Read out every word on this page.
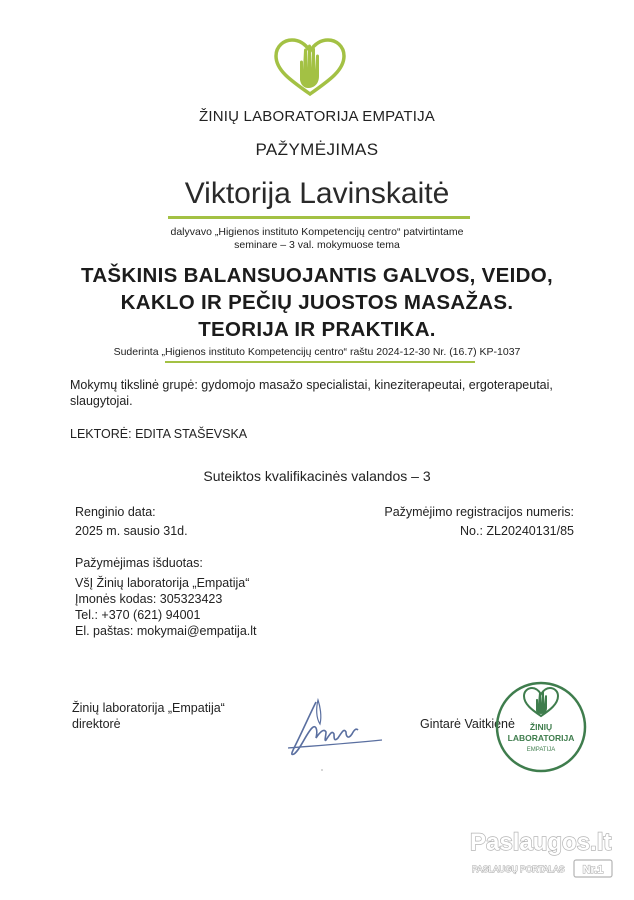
ŽINIŲ LABORATORIJA EMPATIJA
PAŽYMĖJIMAS
Viktorija Lavinskaitė
dalyvavo „Higienos instituto Kompetencijų centro“ patvirtintame
seminare – 3 val. mokymuose tema
TAŠKINIS BALANSUOJANTIS GALVOS, VEIDO,
KAKLO IR PEČIŲ JUOSTOS MASAŽAS.
TEORIJA IR PRAKTIKA.
Suderinta „Higienos instituto Kompetencijų centro“ raštu 2024-12-30 Nr. (16.7) KP-1037
Mokymų tikslinė grupė: gydomojo masažo specialistai, kineziterapeutai, ergoterapeutai,
slaugytojai.
LEKTORĖ: EDITA STAŠEVSKA
Suteiktos kvalifikacinės valandos – 3
Renginio data:
2025 m. sausio 31d.
Pažymėjimo registracijos numeris:
No.: ZL20240131/85
Pažymėjimas išduotas:
VšĮ Žinių laboratorija „Empatija“
Įmonės kodas: 305323423
Tel.: +370 (621) 94001
El. paštas: mokymai@empatija.lt
Žinių laboratorija „Empatija“
direktorė	Gintarė Vaitkienė ŽINIŲ
LABORATORIJA
EMPATIJA
Paslaugos.lt
PASLAUGŲ PORTALAS Nr.1
